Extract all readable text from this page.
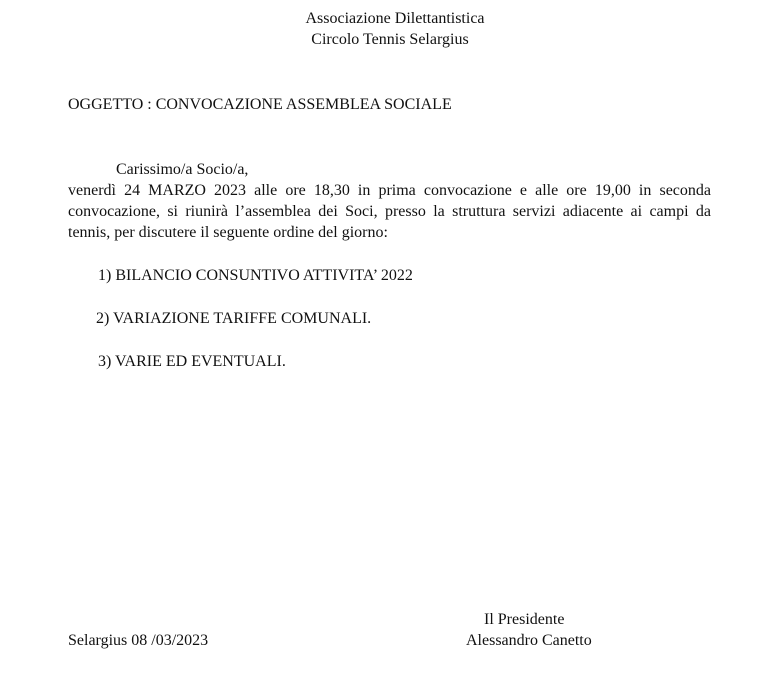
Associazione Dilettantistica
Circolo Tennis Selargius
OGGETTO : CONVOCAZIONE ASSEMBLEA SOCIALE
Carissimo/a Socio/a,
venerdì 24 MARZO 2023 alle ore 18,30 in prima convocazione e alle ore 19,00 in seconda convocazione, si riunirà l’assemblea dei Soci, presso la struttura servizi adiacente ai campi da tennis, per discutere il seguente ordine del giorno:
1) BILANCIO CONSUNTIVO ATTIVITA’ 2022
2) VARIAZIONE TARIFFE COMUNALI.
3) VARIE ED EVENTUALI.
Il Presidente
Selargius 08 /03/2023	Alessandro Canetto
